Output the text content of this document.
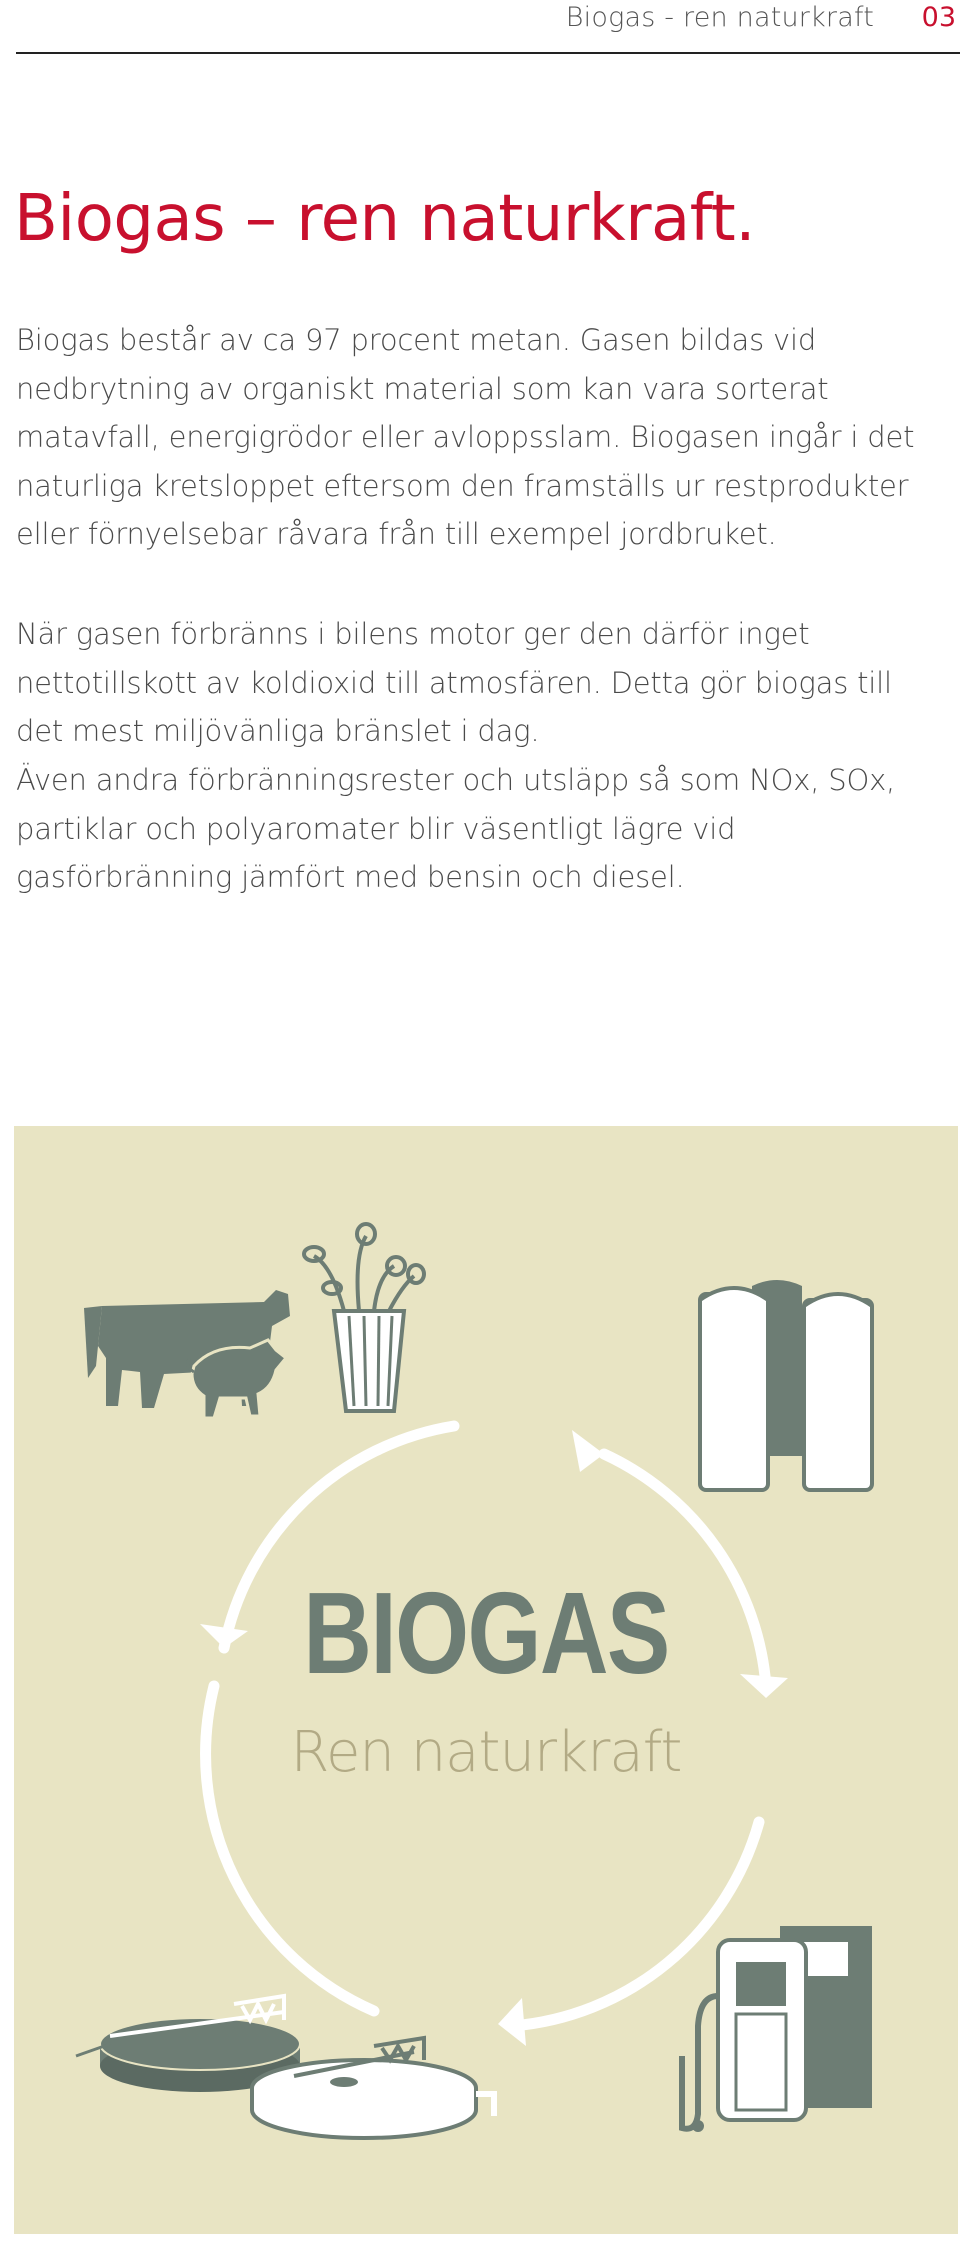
Biogas - ren naturkraft 03
Biogas – ren naturkraft.

Biogas består av ca 97 procent metan. Gasen bildas vid nedbrytning av organiskt material som kan vara sorterat matavfall, energigrödor eller avloppsslam. Biogasen ingår i det naturliga kretsloppet eftersom den framställs ur restprodukter eller förnyelsebar råvara från till exempel jordbruket.

När gasen förbränns i bilens motor ger den därför inget nettotillskott av koldioxid till atmosfären. Detta gör biogas till det mest miljövänliga bränslet i dag.

Även andra förbränningsrester och utsläpp så som NOx, SOx, partiklar och polyaromater blir väsentligt lägre vid gasförbränning jämfört med bensin och diesel.

BIOGAS
Ren naturkraft
